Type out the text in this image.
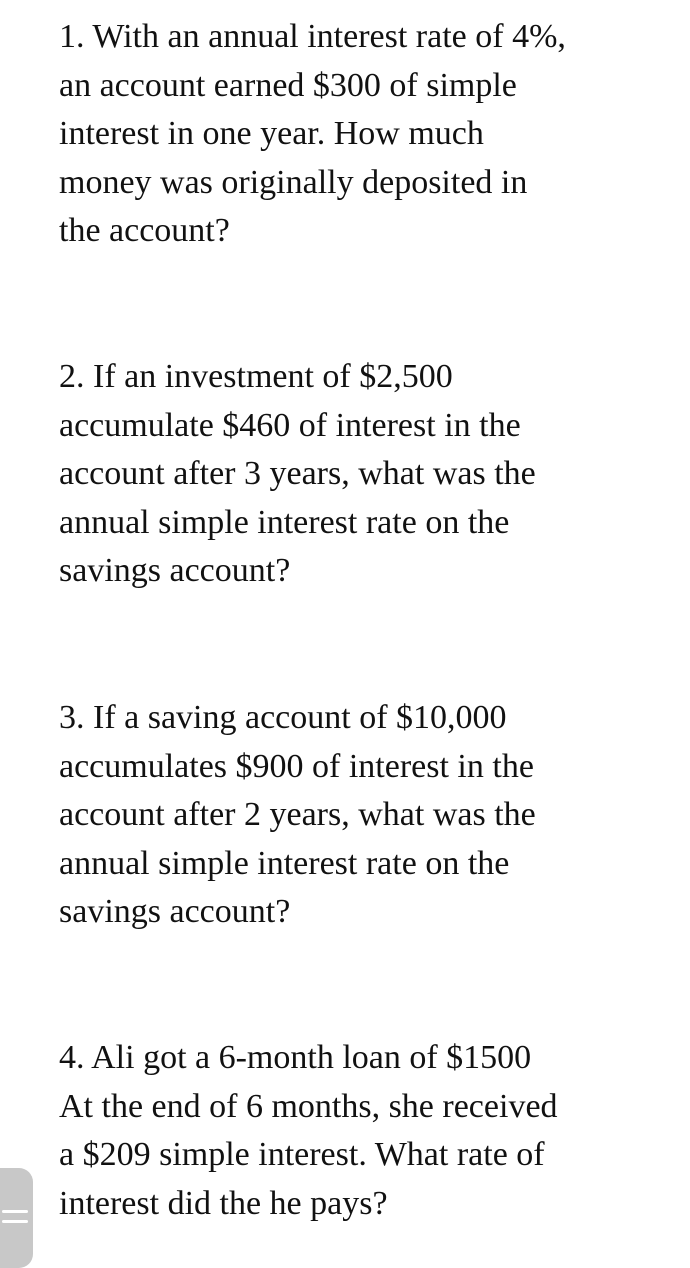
1. With an annual interest rate of 4%,
an account earned $300 of simple
interest in one year. How much
money was originally deposited in
the account?
2. If an investment of $2,500
accumulate $460 of interest in the
account after 3 years, what was the
annual simple interest rate on the
savings account?
3. If a saving account of $10,000
accumulates $900 of interest in the
account after 2 years, what was the
annual simple interest rate on the
savings account?
4. Ali got a 6-month loan of $1500
At the end of 6 months, she received
a $209 simple interest. What rate of
interest did the he pays?
